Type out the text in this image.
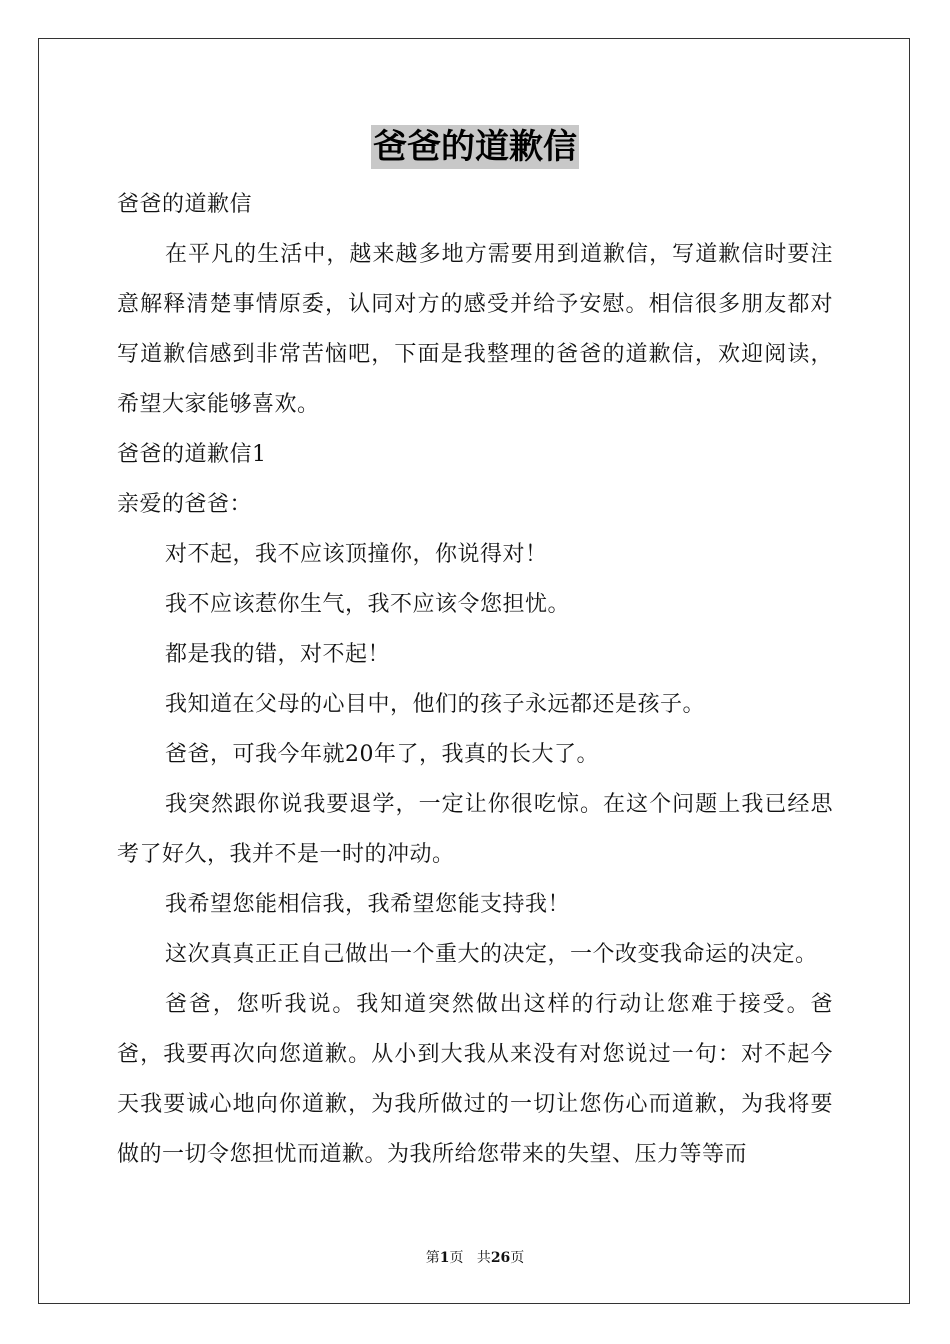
爸爸的道歉信

爸爸的道歉信

在平凡的生活中，越来越多地方需要用到道歉信，写道歉信时要注意解释清楚事情原委，认同对方的感受并给予安慰。相信很多朋友都对写道歉信感到非常苦恼吧，下面是我整理的爸爸的道歉信，欢迎阅读，希望大家能够喜欢。

爸爸的道歉信1

亲爱的爸爸：

对不起，我不应该顶撞你，你说得对！

我不应该惹你生气，我不应该令您担忧。

都是我的错，对不起！

我知道在父母的心目中，他们的孩子永远都还是孩子。

爸爸，可我今年就20年了，我真的长大了。

我突然跟你说我要退学，一定让你很吃惊。在这个问题上我已经思考了好久，我并不是一时的冲动。

我希望您能相信我，我希望您能支持我！

这次真真正正自己做出一个重大的决定，一个改变我命运的决定。

爸爸，您听我说。我知道突然做出这样的行动让您难于接受。爸爸，我要再次向您道歉。从小到大我从来没有对您说过一句：对不起今天我要诚心地向你道歉，为我所做过的一切让您伤心而道歉，为我将要做的一切令您担忧而道歉。为我所给您带来的失望、压力等等而

第1页 共26页
